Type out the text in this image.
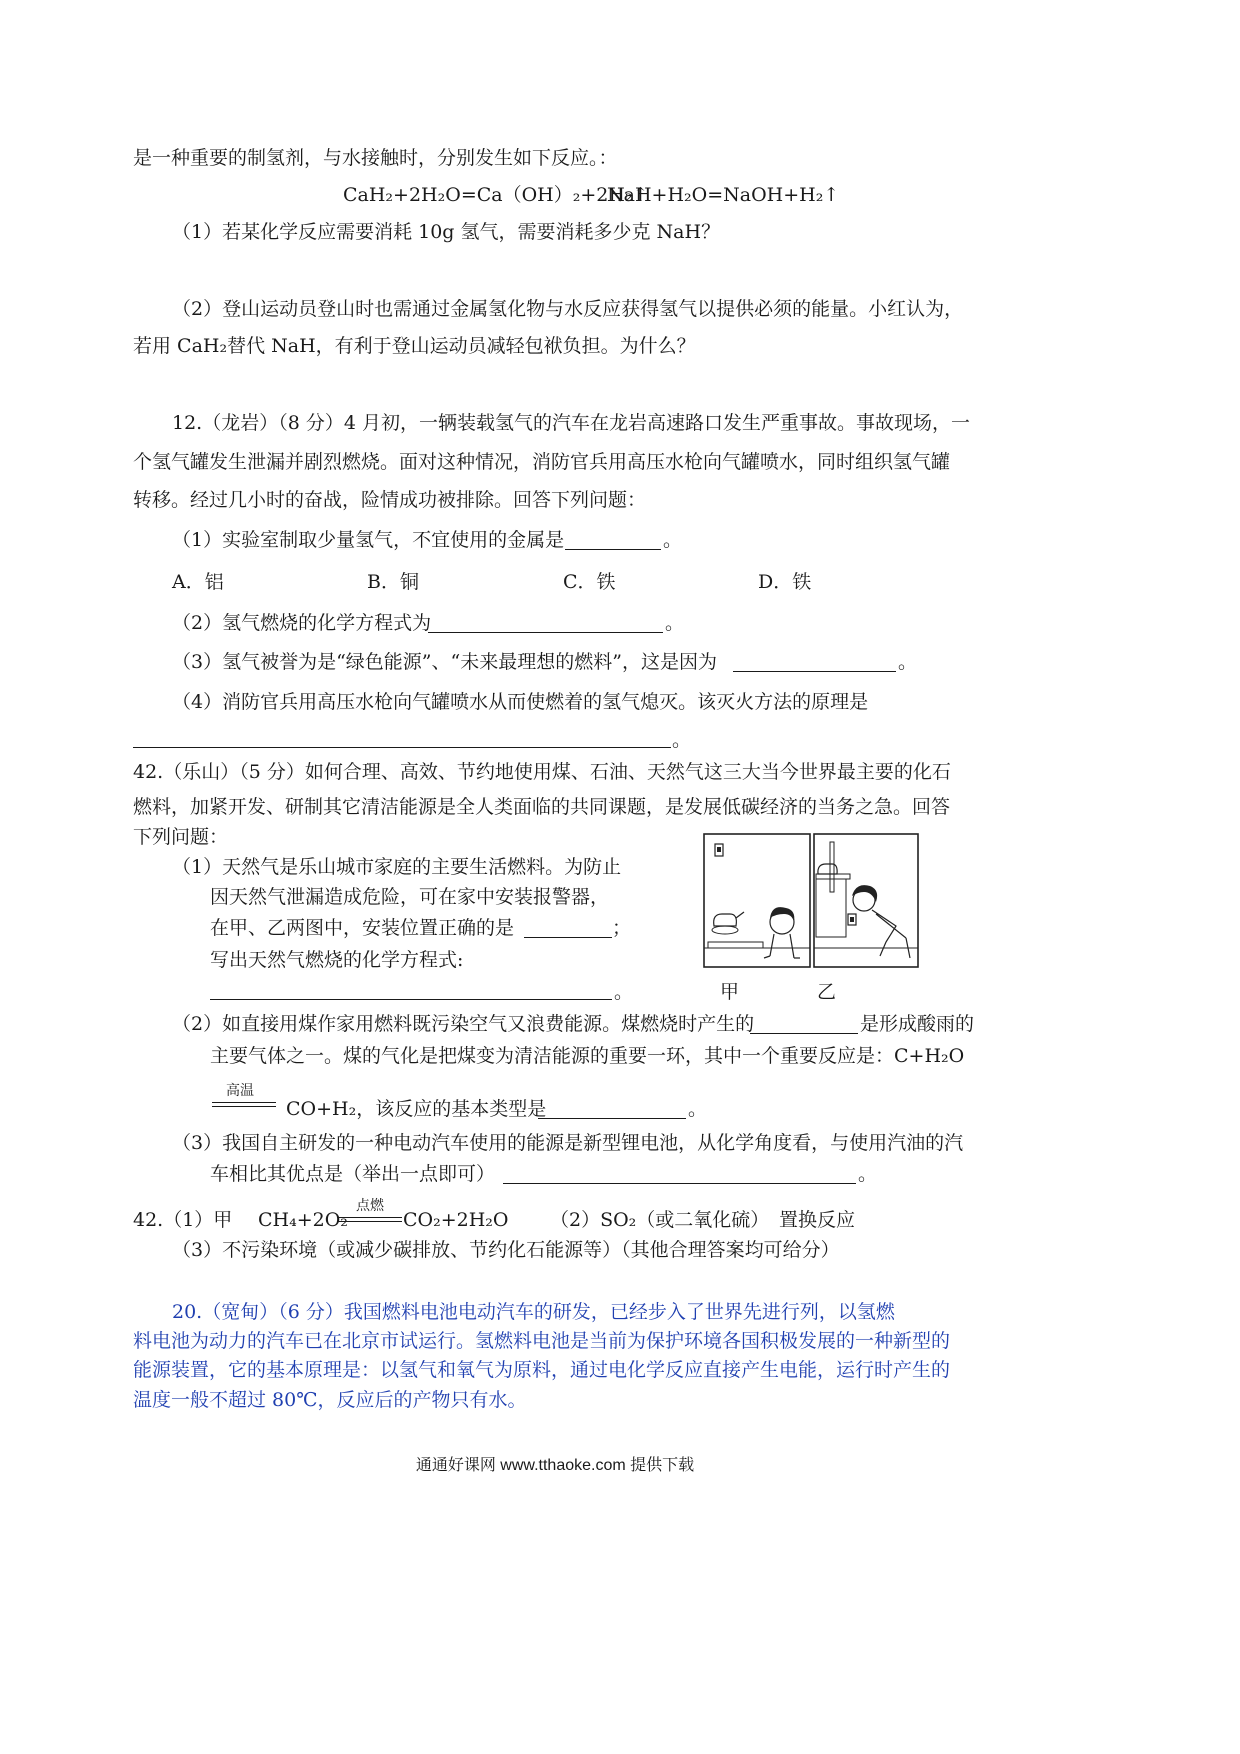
是一种重要的制氢剂，与水接触时，分别发生如下反应。：
CaH₂+2H₂O=Ca（OH）₂+2H₂↑
NaH+H₂O=NaOH+H₂↑
（1）若某化学反应需要消耗 10g 氢气，需要消耗多少克 NaH？
（2）登山运动员登山时也需通过金属氢化物与水反应获得氢气以提供必须的能量。小红认为，
若用 CaH₂替代 NaH，有利于登山运动员减轻包袱负担。为什么？
12.（龙岩）（8 分）4 月初，一辆装载氢气的汽车在龙岩高速路口发生严重事故。事故现场，一
个氢气罐发生泄漏并剧烈燃烧。面对这种情况，消防官兵用高压水枪向气罐喷水，同时组织氢气罐
转移。经过几小时的奋战，险情成功被排除。回答下列问题：
（1）实验室制取少量氢气，不宜使用的金属是	。
A．铝	B．铜	C．铁	D．铁
（2）氢气燃烧的化学方程式为	。
（3）氢气被誉为是“绿色能源”、“未来最理想的燃料”，这是因为	。
（4）消防官兵用高压水枪向气罐喷水从而使燃着的氢气熄灭。该灭火方法的原理是
。
42.（乐山）（5 分）如何合理、高效、节约地使用煤、石油、天然气这三大当今世界最主要的化石
燃料，加紧开发、研制其它清洁能源是全人类面临的共同课题，是发展低碳经济的当务之急。回答
下列问题：
（1）天然气是乐山城市家庭的主要生活燃料。为防止
因天然气泄漏造成危险，可在家中安装报警器，
在甲、乙两图中，安装位置正确的是	；
写出天然气燃烧的化学方程式:
。	甲	乙
（2）如直接用煤作家用燃料既污染空气又浪费能源。煤燃烧时产生的	是形成酸雨的
主要气体之一。煤的气化是把煤变为清洁能源的重要一环，其中一个重要反应是：C+H₂O
高温
CO+H₂，该反应的基本类型是	。
（3）我国自主研发的一种电动汽车使用的能源是新型锂电池，从化学角度看，与使用汽油的汽
车相比其优点是（举出一点即可）	。
42.（1）甲 CH₄+2O₂
点燃
CO₂+2H₂O （2）SO₂（或二氧化硫） 置换反应
（3）不污染环境（或减少碳排放、节约化石能源等）（其他合理答案均可给分）
20.（宽甸）（6 分）我国燃料电池电动汽车的研发，已经步入了世界先进行列，以氢燃
料电池为动力的汽车已在北京市试运行。氢燃料电池是当前为保护环境各国积极发展的一种新型的
能源装置，它的基本原理是：以氢气和氧气为原料，通过电化学反应直接产生电能，运行时产生的
温度一般不超过 80℃，反应后的产物只有水。
通通好课网 www.tthaoke.com 提供下载
